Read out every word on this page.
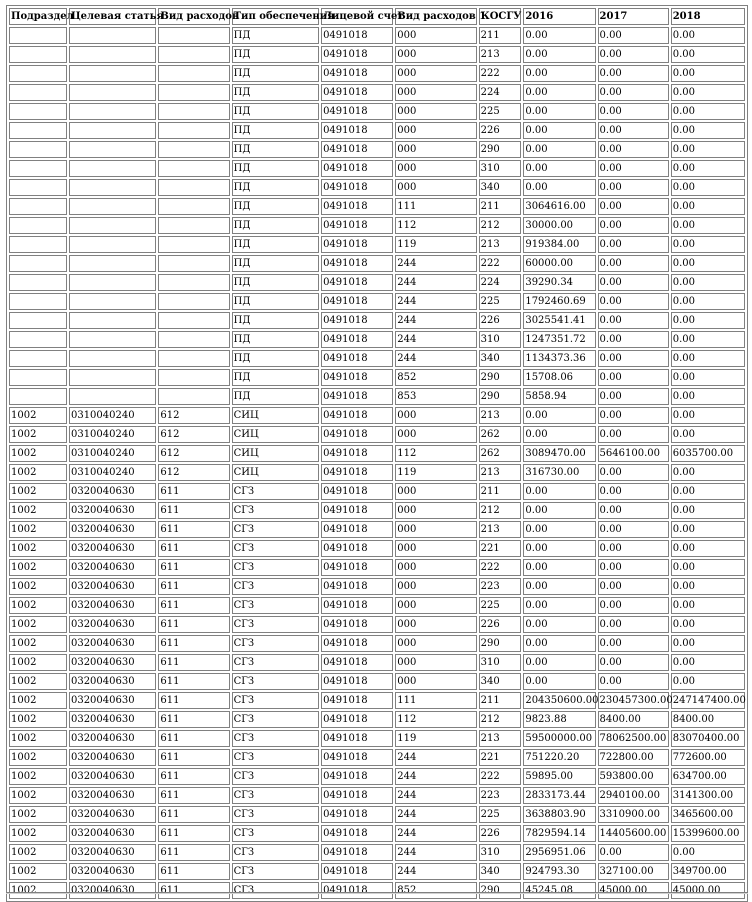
Подраздел	Целевая статья	Вид расходов	Тип обеспечения	Лицевой счет	Вид расходов 1	КОСГУ	2016	2017	2018
			ПД	0491018	000	211	0.00	0.00	0.00
			ПД	0491018	000	213	0.00	0.00	0.00
			ПД	0491018	000	222	0.00	0.00	0.00
			ПД	0491018	000	224	0.00	0.00	0.00
			ПД	0491018	000	225	0.00	0.00	0.00
			ПД	0491018	000	226	0.00	0.00	0.00
			ПД	0491018	000	290	0.00	0.00	0.00
			ПД	0491018	000	310	0.00	0.00	0.00
			ПД	0491018	000	340	0.00	0.00	0.00
			ПД	0491018	111	211	3064616.00	0.00	0.00
			ПД	0491018	112	212	30000.00	0.00	0.00
			ПД	0491018	119	213	919384.00	0.00	0.00
			ПД	0491018	244	222	60000.00	0.00	0.00
			ПД	0491018	244	224	39290.34	0.00	0.00
			ПД	0491018	244	225	1792460.69	0.00	0.00
			ПД	0491018	244	226	3025541.41	0.00	0.00
			ПД	0491018	244	310	1247351.72	0.00	0.00
			ПД	0491018	244	340	1134373.36	0.00	0.00
			ПД	0491018	852	290	15708.06	0.00	0.00
			ПД	0491018	853	290	5858.94	0.00	0.00
1002	0310040240	612	СИЦ	0491018	000	213	0.00	0.00	0.00
1002	0310040240	612	СИЦ	0491018	000	262	0.00	0.00	0.00
1002	0310040240	612	СИЦ	0491018	112	262	3089470.00	5646100.00	6035700.00
1002	0310040240	612	СИЦ	0491018	119	213	316730.00	0.00	0.00
1002	0320040630	611	СГЗ	0491018	000	211	0.00	0.00	0.00
1002	0320040630	611	СГЗ	0491018	000	212	0.00	0.00	0.00
1002	0320040630	611	СГЗ	0491018	000	213	0.00	0.00	0.00
1002	0320040630	611	СГЗ	0491018	000	221	0.00	0.00	0.00
1002	0320040630	611	СГЗ	0491018	000	222	0.00	0.00	0.00
1002	0320040630	611	СГЗ	0491018	000	223	0.00	0.00	0.00
1002	0320040630	611	СГЗ	0491018	000	225	0.00	0.00	0.00
1002	0320040630	611	СГЗ	0491018	000	226	0.00	0.00	0.00
1002	0320040630	611	СГЗ	0491018	000	290	0.00	0.00	0.00
1002	0320040630	611	СГЗ	0491018	000	310	0.00	0.00	0.00
1002	0320040630	611	СГЗ	0491018	000	340	0.00	0.00	0.00
1002	0320040630	611	СГЗ	0491018	111	211	204350600.00	230457300.00	247147400.00
1002	0320040630	611	СГЗ	0491018	112	212	9823.88	8400.00	8400.00
1002	0320040630	611	СГЗ	0491018	119	213	59500000.00	78062500.00	83070400.00
1002	0320040630	611	СГЗ	0491018	244	221	751220.20	722800.00	772600.00
1002	0320040630	611	СГЗ	0491018	244	222	59895.00	593800.00	634700.00
1002	0320040630	611	СГЗ	0491018	244	223	2833173.44	2940100.00	3141300.00
1002	0320040630	611	СГЗ	0491018	244	225	3638803.90	3310900.00	3465600.00
1002	0320040630	611	СГЗ	0491018	244	226	7829594.14	14405600.00	15399600.00
1002	0320040630	611	СГЗ	0491018	244	310	2956951.06	0.00	0.00
1002	0320040630	611	СГЗ	0491018	244	340	924793.30	327100.00	349700.00
1002	0320040630	611	СГЗ	0491018	852	290	45245.08	45000.00	45000.00
